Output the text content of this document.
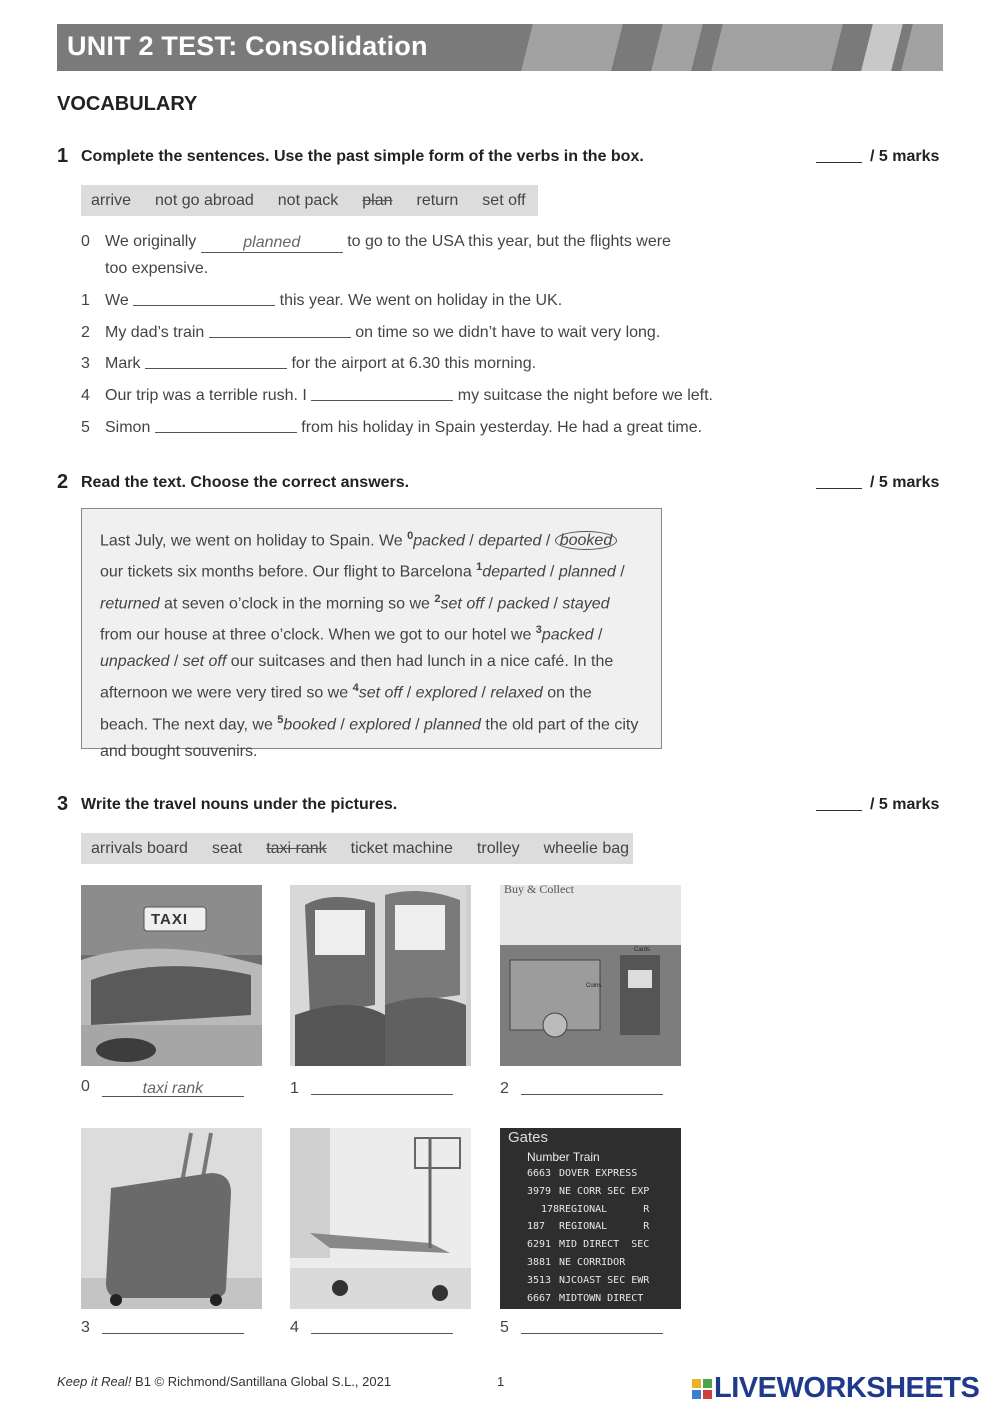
UNIT 2 TEST: Consolidation
VOCABULARY
1 Complete the sentences. Use the past simple form of the verbs in the box.	/ 5 marks
arrive not go abroad not pack plan return set off
0 We originally	planned	to go to the USA this year, but the flights were
too expensive.
1 We	this year. We went on holiday in the UK.
2 My dad’s train	on time so we didn’t have to wait very long.
3 Mark	for the airport at 6.30 this morning.
4 Our trip was a terrible rush. I	my suitcase the night before we left.
5 Simon	from his holiday in Spain yesterday. He had a great time.
2 Read the text. Choose the correct answers.	/ 5 marks
Last July, we went on holiday to Spain. We $^0$packed / departed / booked our tickets six months before. Our flight to Barcelona $^1$departed / planned / returned at seven o’clock in the morning so we $^2$set off / packed / stayed from our house at three o’clock. When we got to our hotel we $^3$packed / unpacked / set off our suitcases and then had lunch in a nice café. In the afternoon we were very tired so we $^4$set off / explored / relaxed on the beach. The next day, we $^5$booked / explored / planned the old part of the city and bought souvenirs.
3 Write the travel nouns under the pictures.	/ 5 marks
arrivals board seat taxi rank ticket machine trolley wheelie bag
TAXI
0	taxi rank	1
Buy & Collect
Cards
Coins
2
3	4
Gates
Number Train
6663 DOVER EXPRESS
3979 NE CORR SEC EXP
178REGIONAL      R
187 REGIONAL      R
6291 MID DIRECT  SEC
3881 NE CORRIDOR
3513 NJCOAST SEC EWR
6667 MIDTOWN DIRECT
5
Keep it Real! B1 © Richmond/Santillana Global S.L., 2021	1	LIVEWORKSHEETS
